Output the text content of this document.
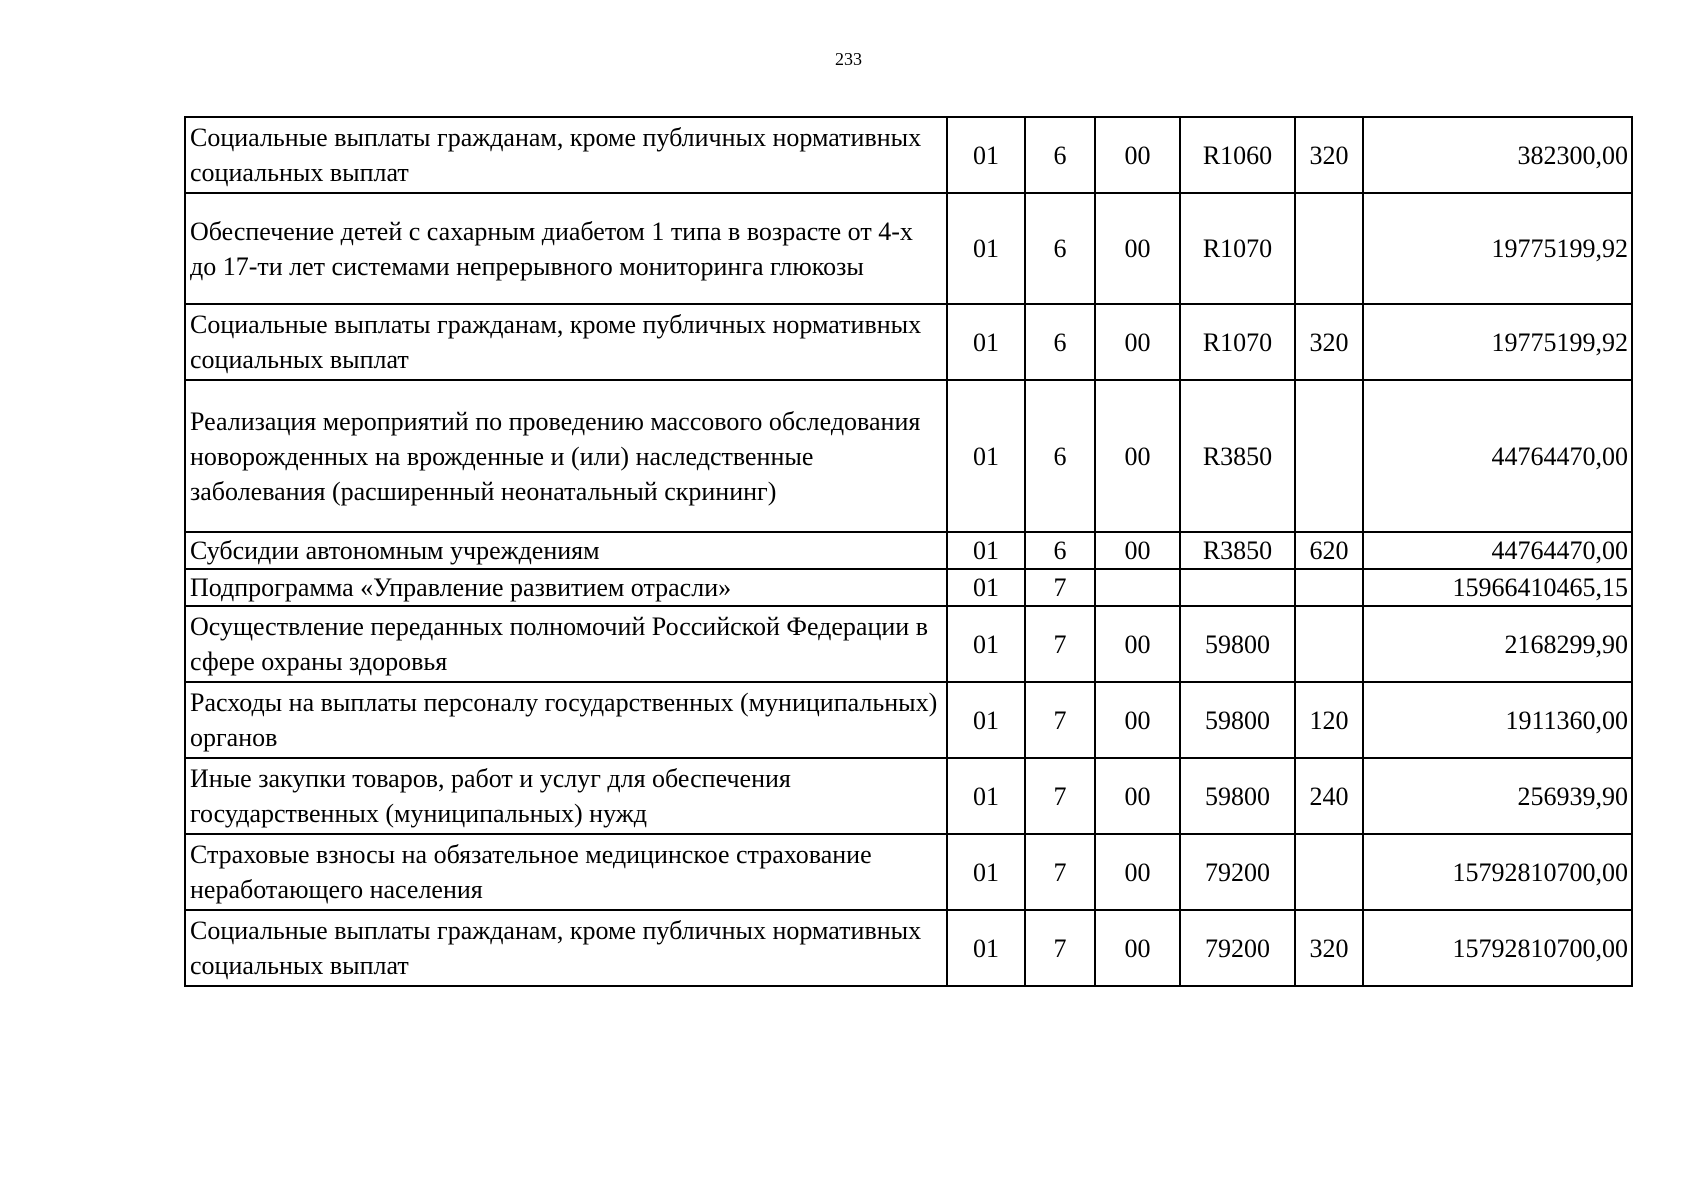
233
Социальные выплаты гражданам, кроме публичных нормативных социальных выплат	01	6	00	R1060	320	382300,00
Обеспечение детей с сахарным диабетом 1 типа в возрасте от 4-х до 17-ти лет системами непрерывного мониторинга глюкозы	01	6	00	R1070		19775199,92
Социальные выплаты гражданам, кроме публичных нормативных социальных выплат	01	6	00	R1070	320	19775199,92
Реализация мероприятий по проведению массового обследования новорожденных на врожденные и (или) наследственные заболевания (расширенный неонатальный скрининг)	01	6	00	R3850		44764470,00
Субсидии автономным учреждениям	01	6	00	R3850	620	44764470,00
Подпрограмма «Управление развитием отрасли»	01	7				15966410465,15
Осуществление переданных полномочий Российской Федерации в сфере охраны здоровья	01	7	00	59800		2168299,90
Расходы на выплаты персоналу государственных (муниципальных) органов	01	7	00	59800	120	1911360,00
Иные закупки товаров, работ и услуг для обеспечения государственных (муниципальных) нужд	01	7	00	59800	240	256939,90
Страховые взносы на обязательное медицинское страхование неработающего населения	01	7	00	79200		15792810700,00
Социальные выплаты гражданам, кроме публичных нормативных социальных выплат	01	7	00	79200	320	15792810700,00
